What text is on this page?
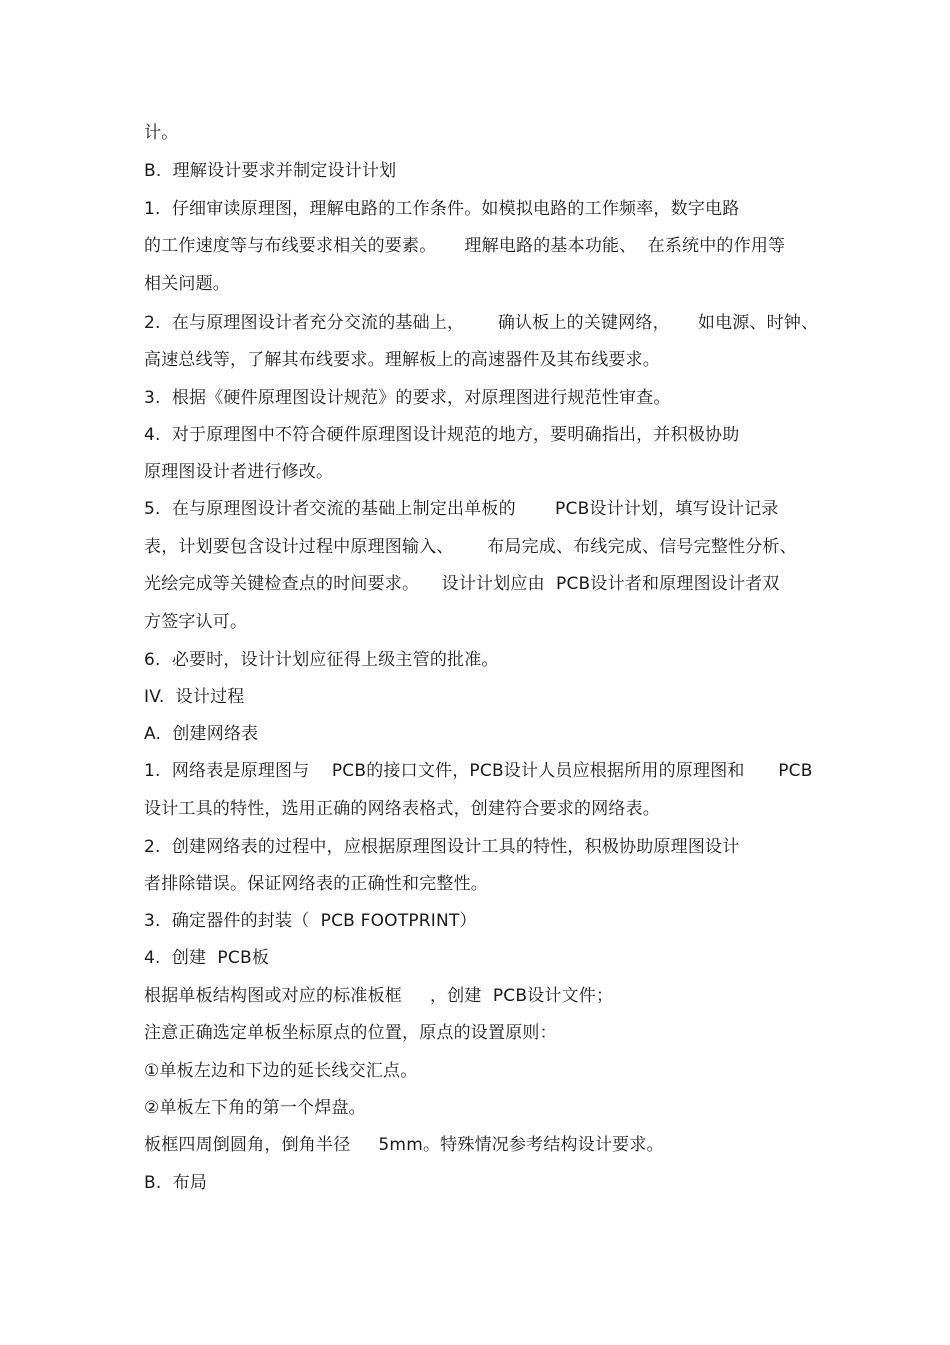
计。
B.  理解设计要求并制定设计计划
1.  仔细审读原理图，理解电路的工作条件。如模拟电路的工作频率，数字电路
的工作速度等与布线要求相关的要素。     理解电路的基本功能、  在系统中的作用等
相关问题。
2.  在与原理图设计者充分交流的基础上，      确认板上的关键网络，     如电源、时钟、
高速总线等，了解其布线要求。理解板上的高速器件及其布线要求。
3.  根据《硬件原理图设计规范》的要求，对原理图进行规范性审查。
4.  对于原理图中不符合硬件原理图设计规范的地方，要明确指出，并积极协助
原理图设计者进行修改。
5.  在与原理图设计者交流的基础上制定出单板的       PCB设计计划，填写设计记录
表，计划要包含设计过程中原理图输入、      布局完成、布线完成、信号完整性分析、
光绘完成等关键检查点的时间要求。    设计计划应由  PCB设计者和原理图设计者双
方签字认可。
6.  必要时，设计计划应征得上级主管的批准。
IV.  设计过程
A.  创建网络表
1.  网络表是原理图与    PCB的接口文件，PCB设计人员应根据所用的原理图和      PCB
设计工具的特性，选用正确的网络表格式，创建符合要求的网络表。
2.  创建网络表的过程中，应根据原理图设计工具的特性，积极协助原理图设计
者排除错误。保证网络表的正确性和完整性。
3.  确定器件的封装（  PCB FOOTPRINT）
4.  创建  PCB板
根据单板结构图或对应的标准板框     ，创建  PCB设计文件；
注意正确选定单板坐标原点的位置，原点的设置原则：
①单板左边和下边的延长线交汇点。
②单板左下角的第一个焊盘。
板框四周倒圆角，倒角半径     5mm。特殊情况参考结构设计要求。
B.  布局
